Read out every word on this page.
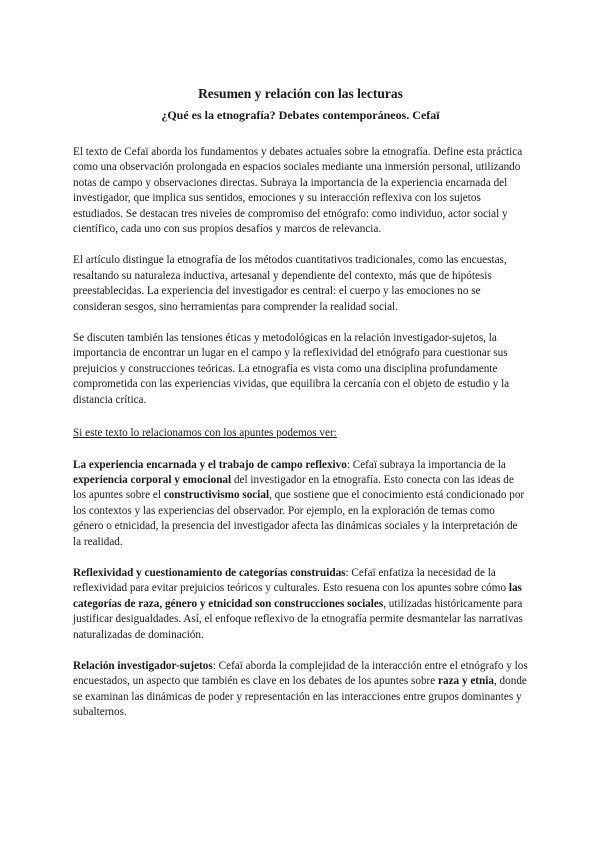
Resumen y relación con las lecturas
¿Qué es la etnografía? Debates contemporáneos. Cefaï

El texto de Cefaï aborda los fundamentos y debates actuales sobre la etnografía. Define esta práctica como una observación prolongada en espacios sociales mediante una inmersión personal, utilizando notas de campo y observaciones directas. Subraya la importancia de la experiencia encarnada del investigador, que implica sus sentidos, emociones y su interacción reflexiva con los sujetos estudiados. Se destacan tres niveles de compromiso del etnógrafo: como individuo, actor social y científico, cada uno con sus propios desafíos y marcos de relevancia.

El artículo distingue la etnografía de los métodos cuantitativos tradicionales, como las encuestas, resaltando su naturaleza inductiva, artesanal y dependiente del contexto, más que de hipótesis preestablecidas. La experiencia del investigador es central: el cuerpo y las emociones no se consideran sesgos, sino herramientas para comprender la realidad social.

Se discuten también las tensiones éticas y metodológicas en la relación investigador-sujetos, la importancia de encontrar un lugar en el campo y la reflexividad del etnógrafo para cuestionar sus prejuicios y construcciones teóricas. La etnografía es vista como una disciplina profundamente comprometida con las experiencias vividas, que equilibra la cercanía con el objeto de estudio y la distancia crítica.

Si este texto lo relacionamos con los apuntes podemos ver:

La experiencia encarnada y el trabajo de campo reflexivo: Cefaï subraya la importancia de la experiencia corporal y emocional del investigador en la etnografía. Esto conecta con las ideas de los apuntes sobre el constructivismo social, que sostiene que el conocimiento está condicionado por los contextos y las experiencias del observador. Por ejemplo, en la exploración de temas como género o etnicidad, la presencia del investigador afecta las dinámicas sociales y la interpretación de la realidad.

Reflexividad y cuestionamiento de categorías construidas: Cefaï enfatiza la necesidad de la reflexividad para evitar prejuicios teóricos y culturales. Esto resuena con los apuntes sobre cómo las categorías de raza, género y etnicidad son construcciones sociales, utilizadas históricamente para justificar desigualdades. Así, el enfoque reflexivo de la etnografía permite desmantelar las narrativas naturalizadas de dominación.

Relación investigador-sujetos: Cefaï aborda la complejidad de la interacción entre el etnógrafo y los encuestados, un aspecto que también es clave en los debates de los apuntes sobre raza y etnia, donde se examinan las dinámicas de poder y representación en las interacciones entre grupos dominantes y subalternos.
